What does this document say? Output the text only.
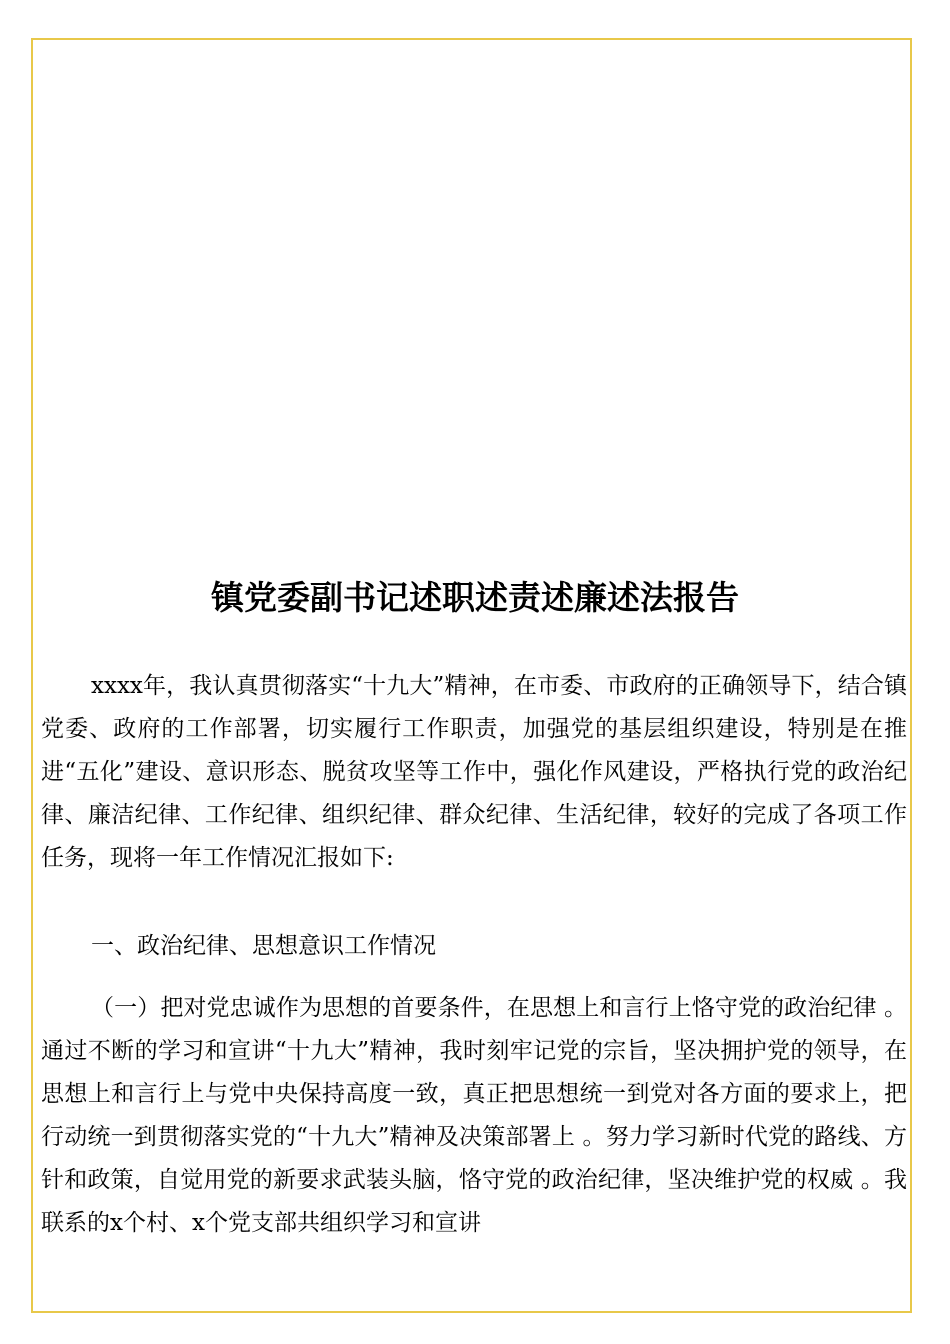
镇党委副书记述职述责述廉述法报告

xxxx年，我认真贯彻落实“十九大”精神，在市委、市政府的正确领导下，结合镇党委、政府的工作部署，切实履行工作职责，加强党的基层组织建设，特别是在推进“五化”建设、意识形态、脱贫攻坚等工作中，强化作风建设，严格执行党的政治纪律、廉洁纪律、工作纪律、组织纪律、群众纪律、生活纪律，较好的完成了各项工作任务，现将一年工作情况汇报如下:

一、政治纪律、思想意识工作情况

（一）把对党忠诚作为思想的首要条件，在思想上和言行上恪守党的政治纪律 。通过不断的学习和宣讲“十九大”精神，我时刻牢记党的宗旨，坚决拥护党的领导，在思想上和言行上与党中央保持高度一致，真正把思想统一到党对各方面的要求上，把行动统一到贯彻落实党的“十九大”精神及决策部署上 。努力学习新时代党的路线、方针和政策，自觉用党的新要求武装头脑，恪守党的政治纪律，坚决维护党的权威 。我联系的x个村、x个党支部共组织学习和宣讲
